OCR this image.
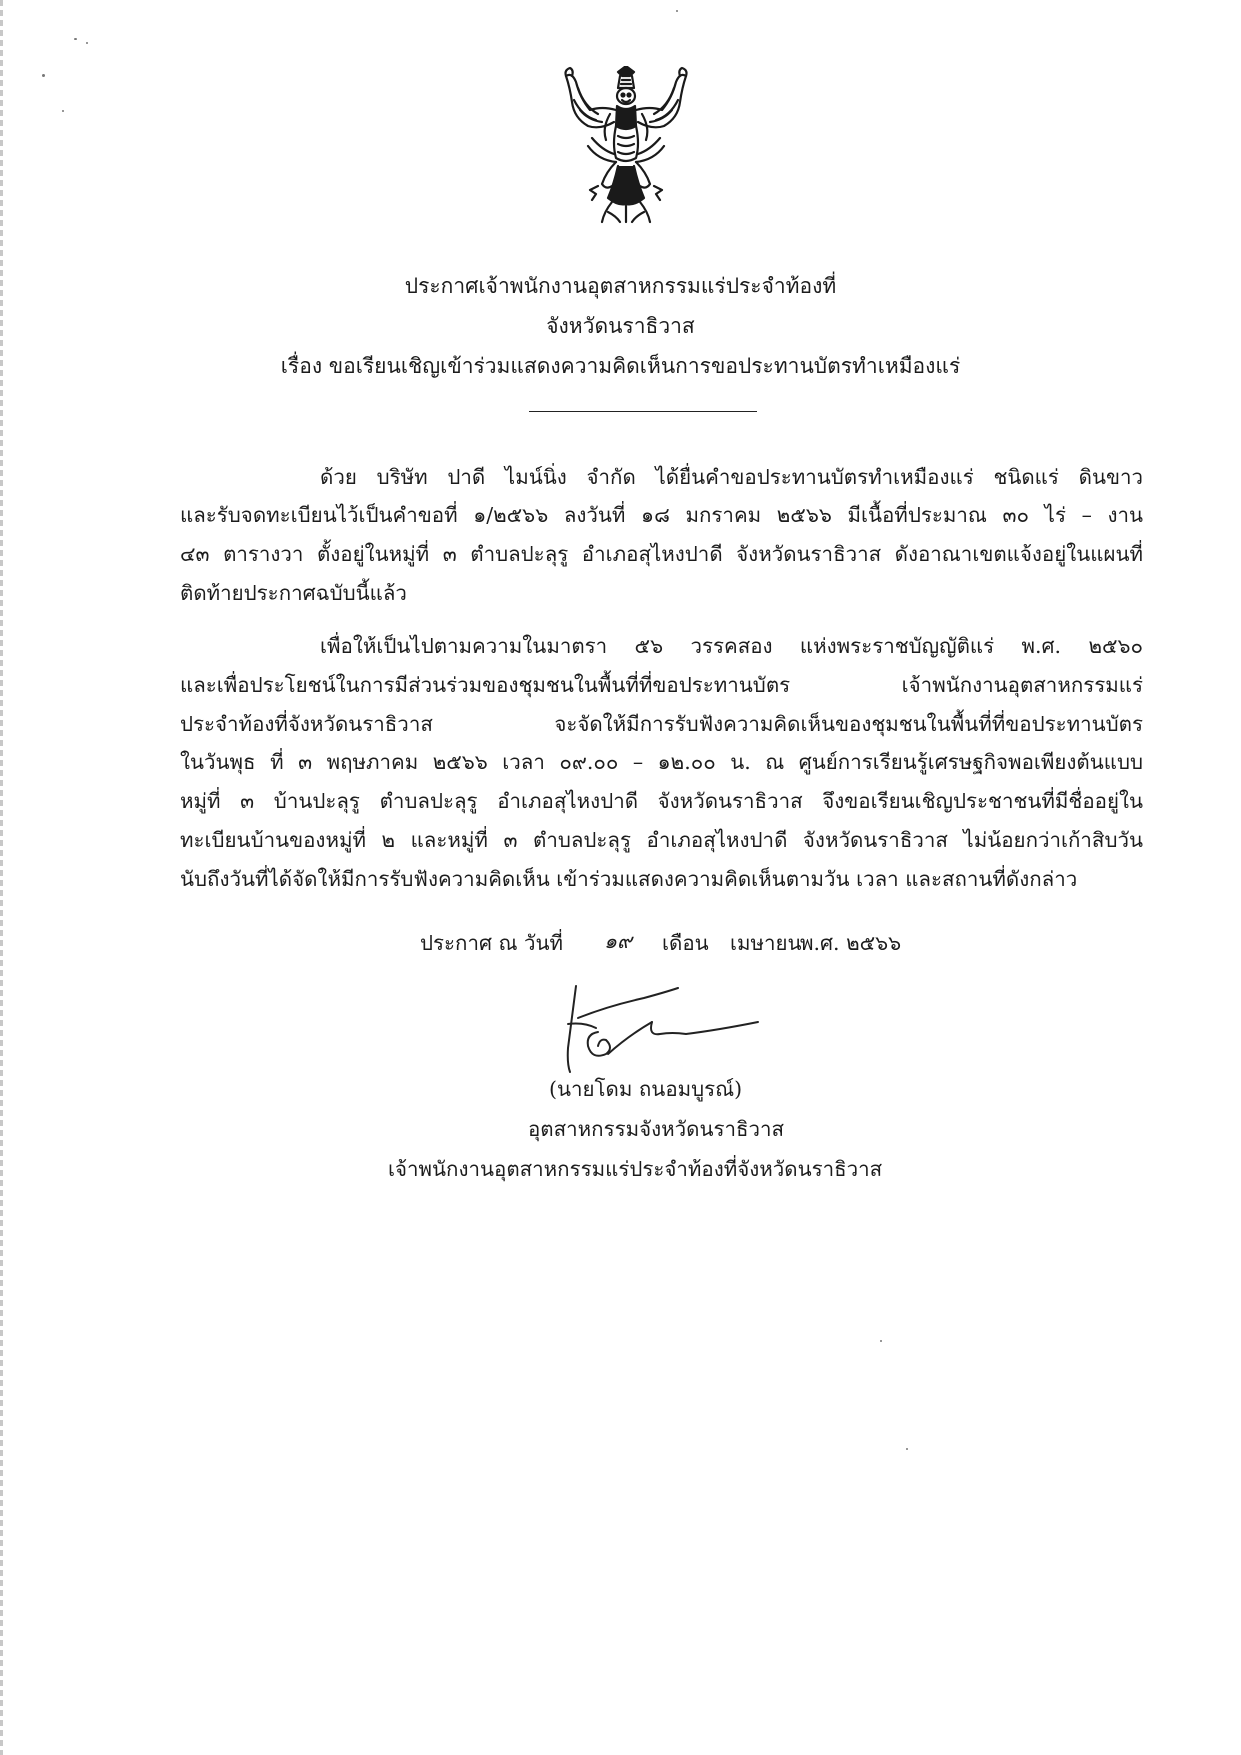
ประกาศเจ้าพนักงานอุตสาหกรรมแร่ประจำท้องที่
จังหวัดนราธิวาส
เรื่อง ขอเรียนเชิญเข้าร่วมแสดงความคิดเห็นการขอประทานบัตรทำเหมืองแร่
ด้วย บริษัท ปาดี ไมน์นิ่ง จำกัด ได้ยื่นคำขอประทานบัตรทำเหมืองแร่ ชนิดแร่ ดินขาว
และรับจดทะเบียนไว้เป็นคำขอที่ ๑/๒๕๖๖ ลงวันที่ ๑๘ มกราคม ๒๕๖๖ มีเนื้อที่ประมาณ ๓๐ ไร่ – งาน
๔๓ ตารางวา ตั้งอยู่ในหมู่ที่ ๓ ตำบลปะลุรู อำเภอสุไหงปาดี จังหวัดนราธิวาส ดังอาณาเขตแจ้งอยู่ในแผนที่
ติดท้ายประกาศฉบับนี้แล้ว
เพื่อให้เป็นไปตามความในมาตรา ๕๖ วรรคสอง แห่งพระราชบัญญัติแร่ พ.ศ. ๒๕๖๐
และเพื่อประโยชน์ในการมีส่วนร่วมของชุมชนในพื้นที่ที่ขอประทานบัตร เจ้าพนักงานอุตสาหกรรมแร่
ประจำท้องที่จังหวัดนราธิวาส จะจัดให้มีการรับฟังความคิดเห็นของชุมชนในพื้นที่ที่ขอประทานบัตร
ในวันพุธ ที่ ๓ พฤษภาคม ๒๕๖๖ เวลา ๐๙.๐๐ – ๑๒.๐๐ น. ณ ศูนย์การเรียนรู้เศรษฐกิจพอเพียงต้นแบบ
หมู่ที่ ๓ บ้านปะลุรู ตำบลปะลุรู อำเภอสุไหงปาดี จังหวัดนราธิวาส จึงขอเรียนเชิญประชาชนที่มีชื่ออยู่ใน
ทะเบียนบ้านของหมู่ที่ ๒ และหมู่ที่ ๓ ตำบลปะลุรู อำเภอสุไหงปาดี จังหวัดนราธิวาส ไม่น้อยกว่าเก้าสิบวัน
นับถึงวันที่ได้จัดให้มีการรับฟังความคิดเห็น เข้าร่วมแสดงความคิดเห็นตามวัน เวลา และสถานที่ดังกล่าว
ประกาศ ณ วันที่ ๑๙ เดือน เมษายน
พ.ศ. ๒๕๖๖
(นายโดม ถนอมบูรณ์)
อุตสาหกรรมจังหวัดนราธิวาส
เจ้าพนักงานอุตสาหกรรมแร่ประจำท้องที่จังหวัดนราธิวาส
